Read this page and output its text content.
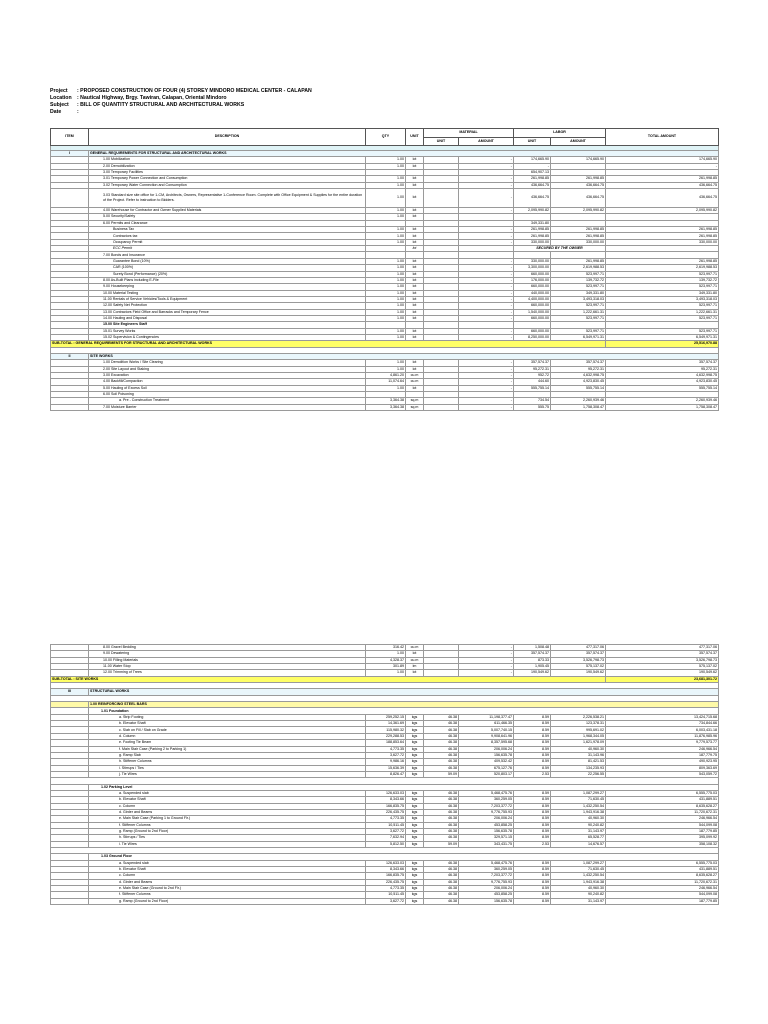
Project : PROPOSED CONSTRUCTION OF FOUR (4) STOREY MINDORO MEDICAL CENTER - CALAPAN
Location : Nautical Highway, Brgy. Tawiran, Calapan, Oriental Mindoro
Subject : BILL OF QUANTITY STRUCTURAL AND ARCHITECTURAL WORKS
Date	:
ITEM	DESCRIPTION	QTY	UNIT	MATERIAL		LABOR		TOTAL AMOUNT
				UNIT	AMOUNT	UNIT	AMOUNT	

I	GENERAL REQUIREMENTS FOR STRUCTURAL AND ARCHITECTURAL WORKS							
	1.00 Mobilization	1.00	lot		-	174,665.90	174,665.90	174,665.90
	2.00 Demobilization	1.00	lot		-	-		-
	3.00 Temporary Facilities					654,907.13		
	3.01 Temporary Power Connection and Consumption	1.00	lot		-	261,998.85	261,998.85	261,998.85
	3.02 Temporary Water Connection and Consumption	1.00	lot		-	436,664.75	436,664.75	436,664.75
	3.03 Standard size site office for 1-CM, Architects, Owners, Representative 1-Conference Room. Complete with Office Equipment & Supplies for the entire duration of the Project. Refer to instruction to Bidders.	1.00	lot		-	436,664.75	436,664.75	436,664.75
	4.00 Warehouse for Contractor and Owner Supplied Materials	1.00	lot		-	2,095,990.82	2,095,990.82	2,095,990.82
	5.00 Security/Safety	1.00	lot					
	6.00 Permits and Clearance					349,331.80		
	Business Tax	1.00	lot		-	261,998.85	261,998.85	261,998.85
	Contractors tax	1.00	lot		-	261,998.85	261,998.85	261,998.85
	Occupancy Permit	1.00	lot		-	330,000.00	330,000.00	330,000.00
	ECC Permit		lot			SECURED BY THE OWNER		
	7.00 Bonds and Insurance							
	Guarantee Bond (10%)	1.00	lot		-	330,000.00	261,998.85	261,998.85
	CAR (100%)	1.00	lot		-	3,300,000.00	2,619,988.53	2,619,988.53
	Surety Bond (Performance) (20%)	1.00	lot		-	660,000.00	523,997.71	523,997.71
	8.00 As-Built Plans including E-File	1.00	lot		-	176,000.00	139,732.72	139,732.72
	9.00 Housekeeping	1.00	lot		-	660,000.00	523,997.71	523,997.71
	10.00 Material Testing	1.00	lot		-	440,000.00	349,331.80	349,331.80
	11.00 Rentals of Service Vehicles/Tools & Equipment	1.00	lot		-	4,400,000.00	3,493,318.03	3,493,318.03
	12.00 Safety Net Protection	1.00	lot		-	660,000.00	523,997.71	523,997.71
	13.00 Contractors Field Office and Barracks and Temporary Fence	1.00	lot		-	1,540,000.00	1,222,661.31	1,222,661.31
	14.00 Hauling and Disposal	1.00	lot		-	660,000.00	523,997.71	523,997.71
	15.00 Site Engineers Staff							
	15.01 Survey Works	1.00	lot		-	660,000.00	523,997.71	523,997.71
	15.02 Supervision & Contingencies	1.00	lot		-	8,250,000.00	6,549,971.31	6,549,971.31
SUB-TOTAL : GENERAL REQUIREMENTS FOR STRUCTURAL AND ARCHITECTURAL WORKS								25,516,970.88

II	SITE WORKS							
	1.00 Demolition Works / Site Clearing	1.00	lot		-	357,574.37	357,574.37	357,574.37
	2.00 Site Layout and Staking	1.00	lot		-	95,272.31	95,272.31	95,272.31
	3.00 Excavation	4,861.20	cu.m		-	952.72	4,632,998.75	4,632,998.75
	4.00 Backfill/Compaction	11,074.64	cu.m		-	444.60	4,923,830.45	4,923,830.45
	5.00 Hauling of Excess Soil	1.00	lot		-	555,755.14	555,755.14	555,755.14
	6.00 Soil Poisoning							
	a. Pre - Construction Treatment	3,364.38	sq.m		-	734.54	2,260,939.46	2,260,939.46
	7.00 Moisture Barrier	3,364.38	sq.m		-	555.75	1,758,308.47	1,758,308.47
	8.00 Gravel Bedding	316.42	cu.m		-	1,508.48	477,317.06	477,317.06
	9.00 Dewatering	1.00	lot		-	357,574.37	357,574.37	357,574.37
	10.00 Filling Materials	4,328.37	cu.m		-	873.33	3,526,798.73	3,526,798.73
	11.00 Water Stop	301.89	lm		-	1,905.45	575,137.02	575,137.02
	12.00 Trimming of Trees	1.00	lot		-	190,549.62	190,549.62	190,549.62
SUB-TOTAL : SITE WORKS								23,681,301.72

III	STRUCTURAL WORKS							

	1.00 REINFORCING STEEL BARS							
	1.01 Foundation							
	a. Strip Footing	259,252.15	kgs	46.38	11,198,377.47	8.59	2,226,538.21	13,424,715.68
	b. Elevator Shaft	14,361.69	kgs	46.38	611,466.35	8.59	123,378.31	734,844.66
	c. Slab on Fill / Slab on Grade	115,980.32	kgs	46.38	5,007,740.15	8.59	995,691.02	6,003,431.18
	d. Column	229,288.53	kgs	46.38	9,908,641.96	8.59	1,968,344.05	11,876,985.96
	e. Footing Tie Beam	188,853.64	kgs	46.38	8,357,595.68	8.59	1,621,978.09	9,779,573.77
	f. Main Stair Case (Parking 2 to Parking 1)	4,773.35	kgs	46.38	206,006.24	8.59	40,960.30	246,966.54
	g. Ramp Slab	3,627.72	kgs	46.38	156,635.78	8.59	31,143.96	187,779.75
	h. Stiffener Columns	9,986.16	kgs	46.38	409,532.42	8.59	81,421.53	490,923.95
	i. Stirrups / Ties	15,636.39	kgs	46.38	675,127.76	8.59	134,235.93	809,363.69
	j. Tie Wires	8,826.47	kgs	59.09	520,803.17	2.53	22,256.55	543,059.72

	1.02 Parking Level							
	a. Suspended slab	126,633.03	kgs	46.38	5,468,475.76	8.59	1,087,299.27	6,555,775.03
	b. Elevator Shaft	8,343.66	kgs	46.38	360,259.05	8.59	71,630.45	431,889.51
	c. Column	166,835.75	kgs	46.38	7,203,377.72	8.59	1,432,250.54	8,635,628.27
	d. Girder and Beams	226,435.75	kgs	46.38	9,776,755.93	8.59	1,943,916.38	11,720,672.31
	e. Main Stair Case (Parking 1 to Ground Flr.)	4,773.35	kgs	46.38	206,006.24	8.59	40,960.30	246,966.54
	f. Stiffener Columns	10,511.45	kgs	46.38	453,858.25	8.59	90,240.82	544,099.08
	g. Ramp (Ground to 2nd Floor)	3,627.72	kgs	46.38	156,635.78	8.59	31,143.97	187,779.85
	h. Stirrups / Ties	7,632.94	kgs	46.38	329,571.15	8.59	65,528.77	395,099.92
	i. Tie Wires	5,812.50	kgs	59.09	343,431.75	2.53	14,676.57	358,108.32

	1.03 Ground Floor							
	a. Suspended slab	126,633.03	kgs	46.38	5,468,475.76	8.59	1,087,299.27	6,555,775.03
	b. Elevator Shaft	8,343.66	kgs	46.38	360,259.05	8.59	71,630.45	431,889.51
	c. Column	166,835.75	kgs	46.38	7,203,377.72	8.59	1,432,250.54	8,635,628.27
	d. Girder and Beams	226,435.75	kgs	46.38	9,776,755.93	8.59	1,943,916.38	11,720,672.31
	e. Main Stair Case (Ground to 2nd Flr.)	4,773.35	kgs	46.38	206,006.24	8.59	40,960.30	246,966.54
	f. Stiffener Columns	10,511.45	kgs	46.38	453,858.25	8.59	90,240.82	544,099.08
	g. Ramp (Ground to 2nd Floor)	3,627.72	kgs	46.38	156,635.78	8.59	31,143.97	187,779.85
